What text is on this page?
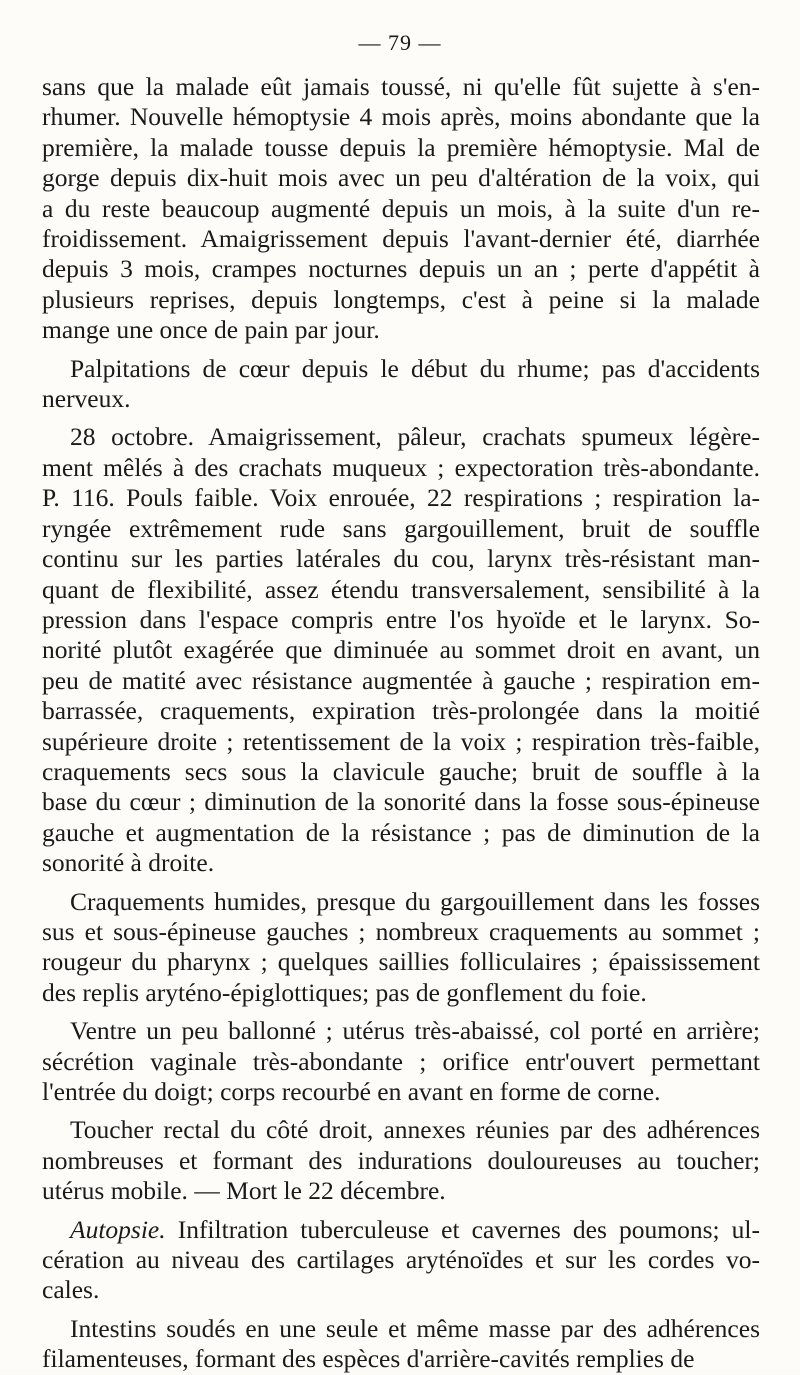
— 79 —

sans que la malade eût jamais toussé, ni qu'elle fût sujette à s'en-
rhumer. Nouvelle hémoptysie 4 mois après, moins abondante que la
première, la malade tousse depuis la première hémoptysie. Mal de
gorge depuis dix-huit mois avec un peu d'altération de la voix, qui
a du reste beaucoup augmenté depuis un mois, à la suite d'un re-
froidissement. Amaigrissement depuis l'avant-dernier été, diarrhée
depuis 3 mois, crampes nocturnes depuis un an ; perte d'appétit à
plusieurs reprises, depuis longtemps, c'est à peine si la malade
mange une once de pain par jour.

Palpitations de cœur depuis le début du rhume; pas d'accidents
nerveux.

28 octobre. Amaigrissement, pâleur, crachats spumeux légère-
ment mêlés à des crachats muqueux ; expectoration très-abondante.
P. 116. Pouls faible. Voix enrouée, 22 respirations ; respiration la-
ryngée extrêmement rude sans gargouillement, bruit de souffle
continu sur les parties latérales du cou, larynx très-résistant man-
quant de flexibilité, assez étendu transversalement, sensibilité à la
pression dans l'espace compris entre l'os hyoïde et le larynx. So-
norité plutôt exagérée que diminuée au sommet droit en avant, un
peu de matité avec résistance augmentée à gauche ; respiration em-
barrassée, craquements, expiration très-prolongée dans la moitié
supérieure droite ; retentissement de la voix ; respiration très-faible,
craquements secs sous la clavicule gauche; bruit de souffle à la
base du cœur ; diminution de la sonorité dans la fosse sous-épineuse
gauche et augmentation de la résistance ; pas de diminution de la
sonorité à droite.

Craquements humides, presque du gargouillement dans les fosses
sus et sous-épineuse gauches ; nombreux craquements au sommet ;
rougeur du pharynx ; quelques saillies folliculaires ; épaississement
des replis aryténo-épiglottiques; pas de gonflement du foie.

Ventre un peu ballonné ; utérus très-abaissé, col porté en arrière;
sécrétion vaginale très-abondante ; orifice entr'ouvert permettant
l'entrée du doigt; corps recourbé en avant en forme de corne.

Toucher rectal du côté droit, annexes réunies par des adhérences
nombreuses et formant des indurations douloureuses au toucher;
utérus mobile. — Mort le 22 décembre.

Autopsie. Infiltration tuberculeuse et cavernes des poumons; ul-
cération au niveau des cartilages aryténoïdes et sur les cordes vo-
cales.

Intestins soudés en une seule et même masse par des adhérences
filamenteuses, formant des espèces d'arrière-cavités remplies de
